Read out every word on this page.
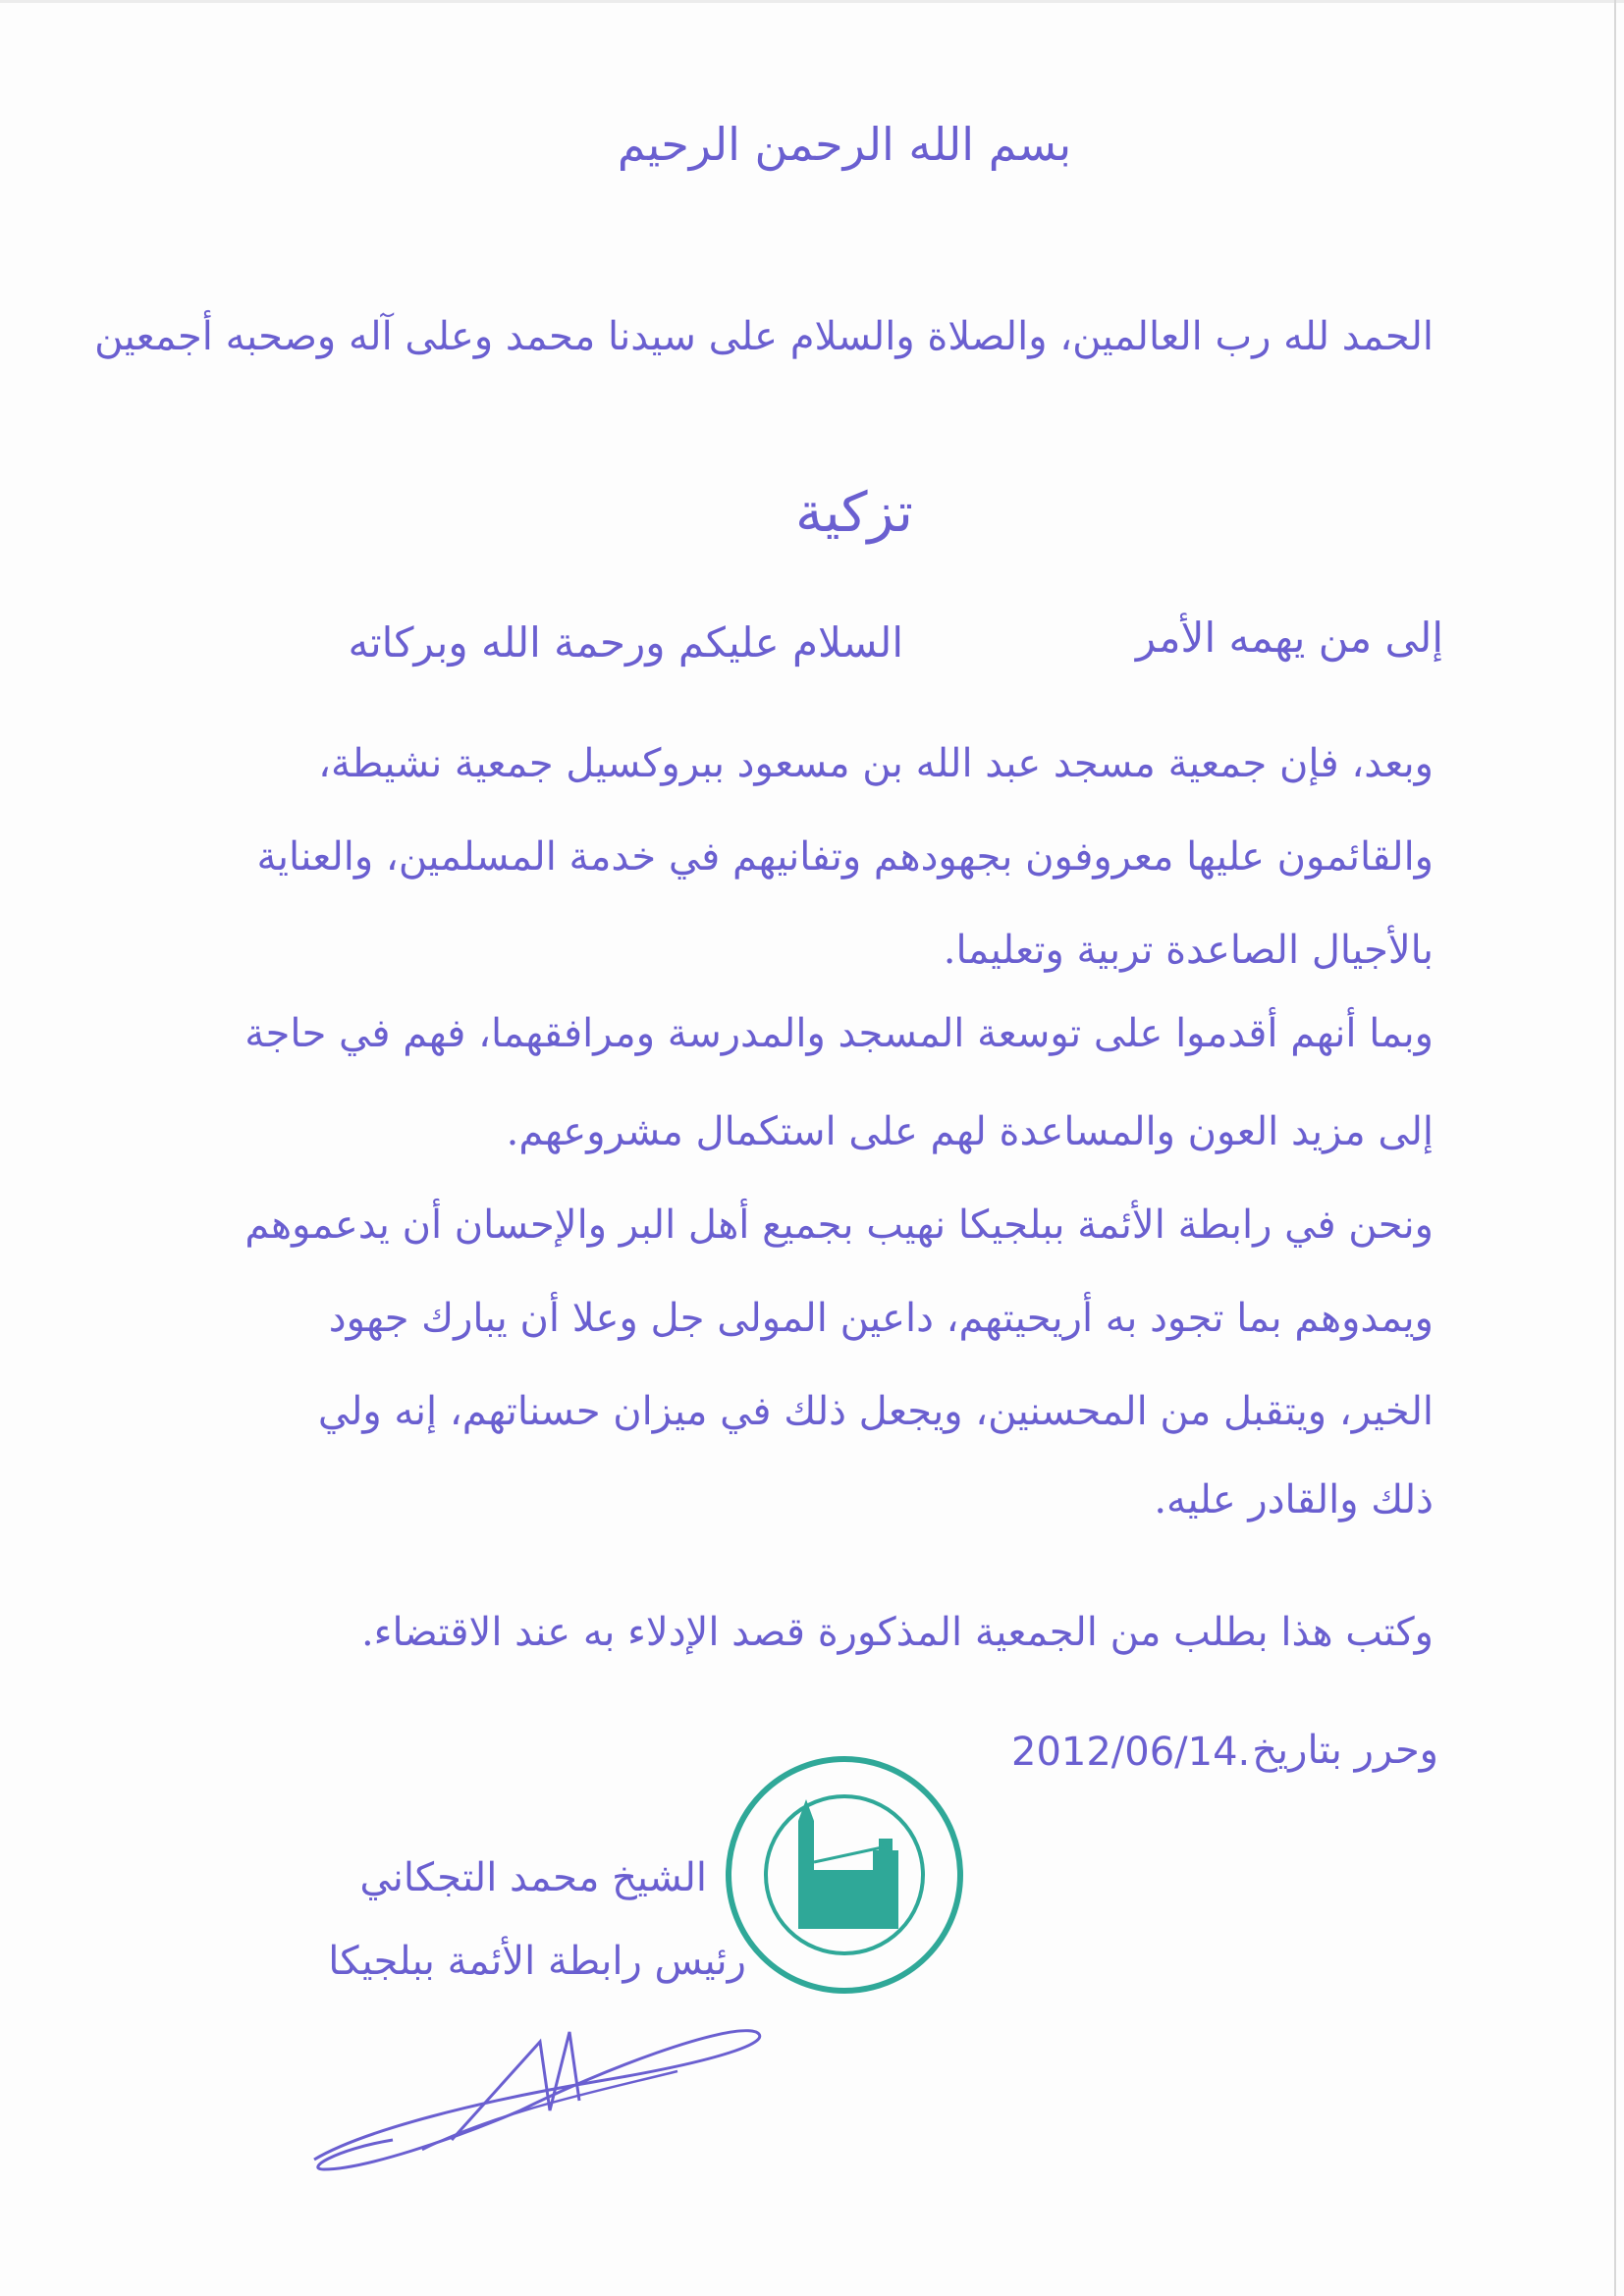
بسم الله الرحمن الرحيم
الحمد لله رب العالمين، والصلاة والسلام على سيدنا محمد وعلى آله وصحبه أجمعين
تزكية
إلى من يهمه الأمر
السلام عليكم ورحمة الله وبركاته
وبعد، فإن جمعية مسجد عبد الله بن مسعود ببروكسيل جمعية نشيطة،
والقائمون عليها معروفون بجهودهم وتفانيهم في خدمة المسلمين، والعناية
بالأجيال الصاعدة تربية وتعليما.
وبما أنهم أقدموا على توسعة المسجد والمدرسة ومرافقهما، فهم في حاجة
إلى مزيد العون والمساعدة لهم على استكمال مشروعهم.
ونحن في رابطة الأئمة ببلجيكا نهيب بجميع أهل البر والإحسان أن يدعموهم
ويمدوهم بما تجود به أريحيتهم، داعين المولى جل وعلا أن يبارك جهود
الخير، ويتقبل من المحسنين، ويجعل ذلك في ميزان حسناتهم، إنه ولي
ذلك والقادر عليه.
وكتب هذا بطلب من الجمعية المذكورة قصد الإدلاء به عند الاقتضاء.
وحرر بتاريخ
2012/06/14.
الشيخ محمد التجكاني
رئيس رابطة الأئمة ببلجيكا
